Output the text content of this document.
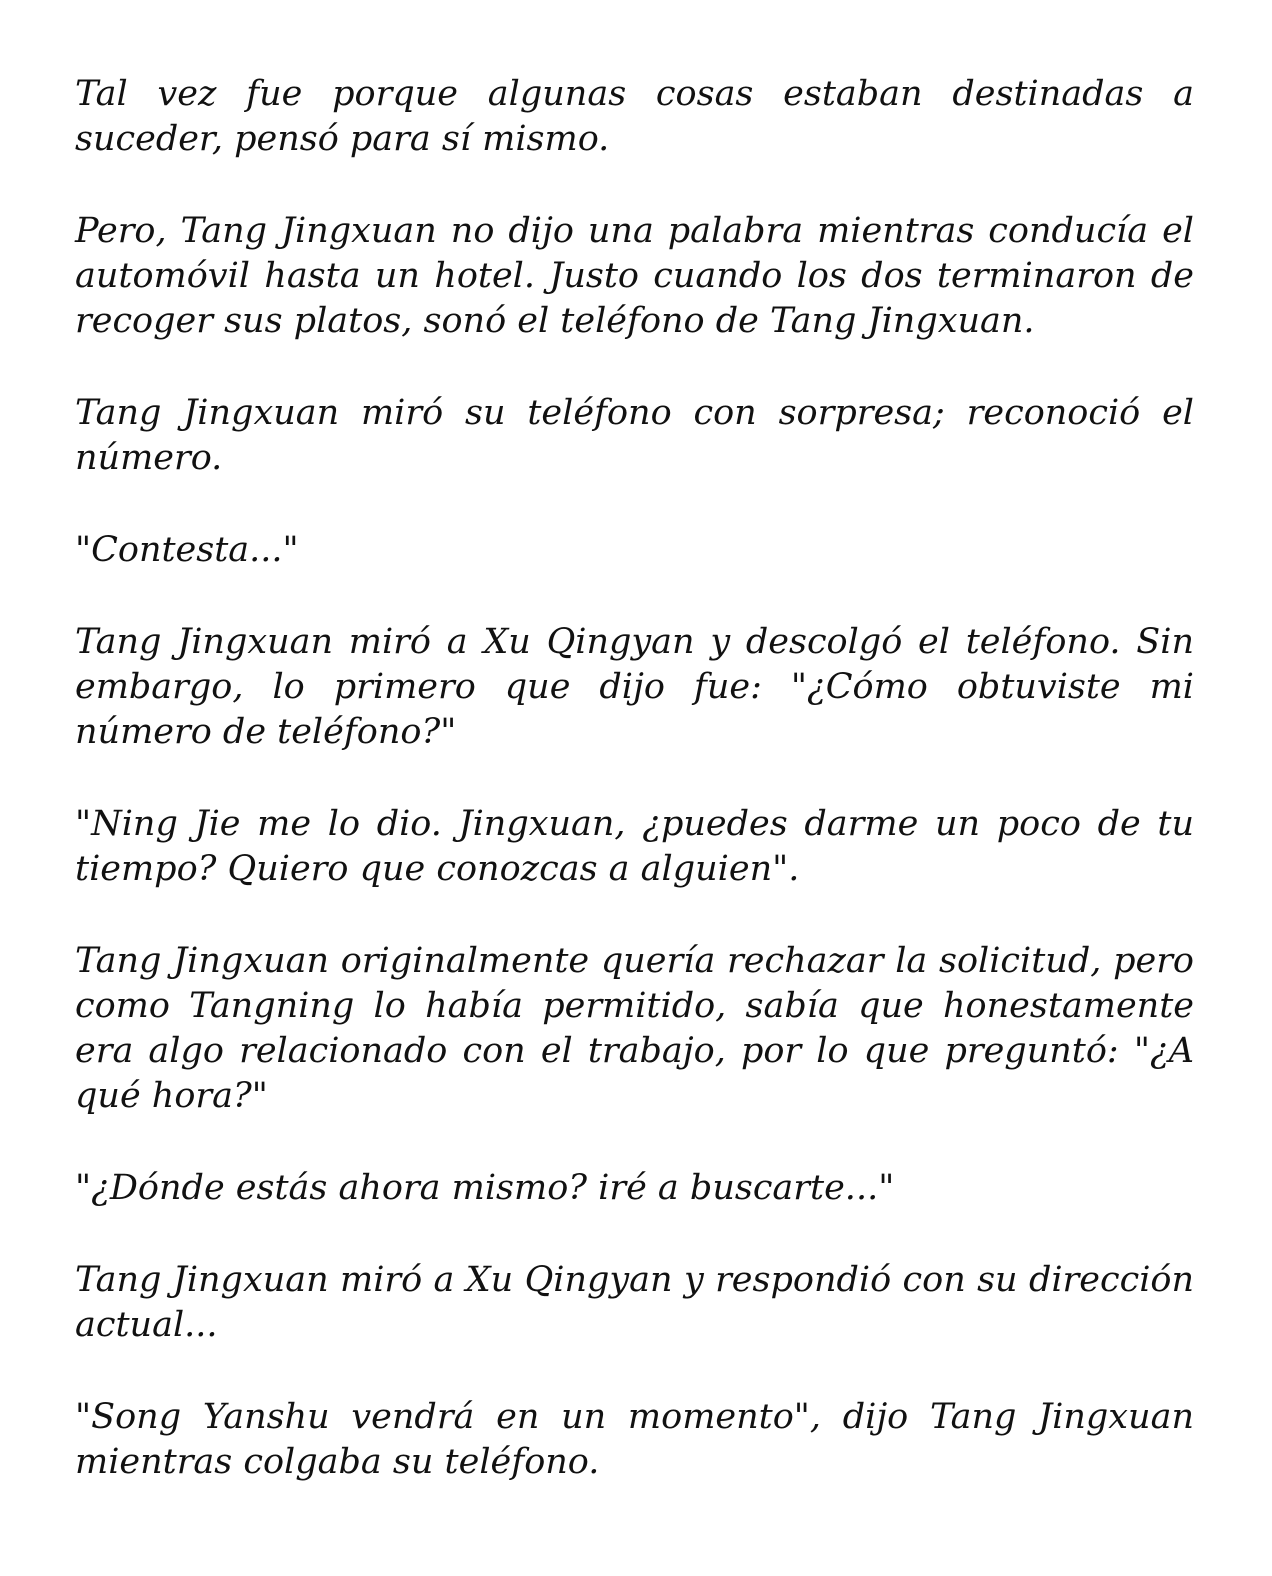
Tal vez fue porque algunas cosas estaban destinadas a suceder, pensó para sí mismo.

Pero, Tang Jingxuan no dijo una palabra mientras conducía el automóvil hasta un hotel. Justo cuando los dos terminaron de recoger sus platos, sonó el teléfono de Tang Jingxuan.

Tang Jingxuan miró su teléfono con sorpresa; reconoció el número.

"Contesta..."

Tang Jingxuan miró a Xu Qingyan y descolgó el teléfono. Sin embargo, lo primero que dijo fue: "¿Cómo obtuviste mi número de teléfono?"

"Ning Jie me lo dio. Jingxuan, ¿puedes darme un poco de tu tiempo? Quiero que conozcas a alguien".

Tang Jingxuan originalmente quería rechazar la solicitud, pero como Tangning lo había permitido, sabía que honestamente era algo relacionado con el trabajo, por lo que preguntó: "¿A qué hora?"

"¿Dónde estás ahora mismo? iré a buscarte..."

Tang Jingxuan miró a Xu Qingyan y respondió con su dirección actual...

"Song Yanshu vendrá en un momento", dijo Tang Jingxuan mientras colgaba su teléfono.
